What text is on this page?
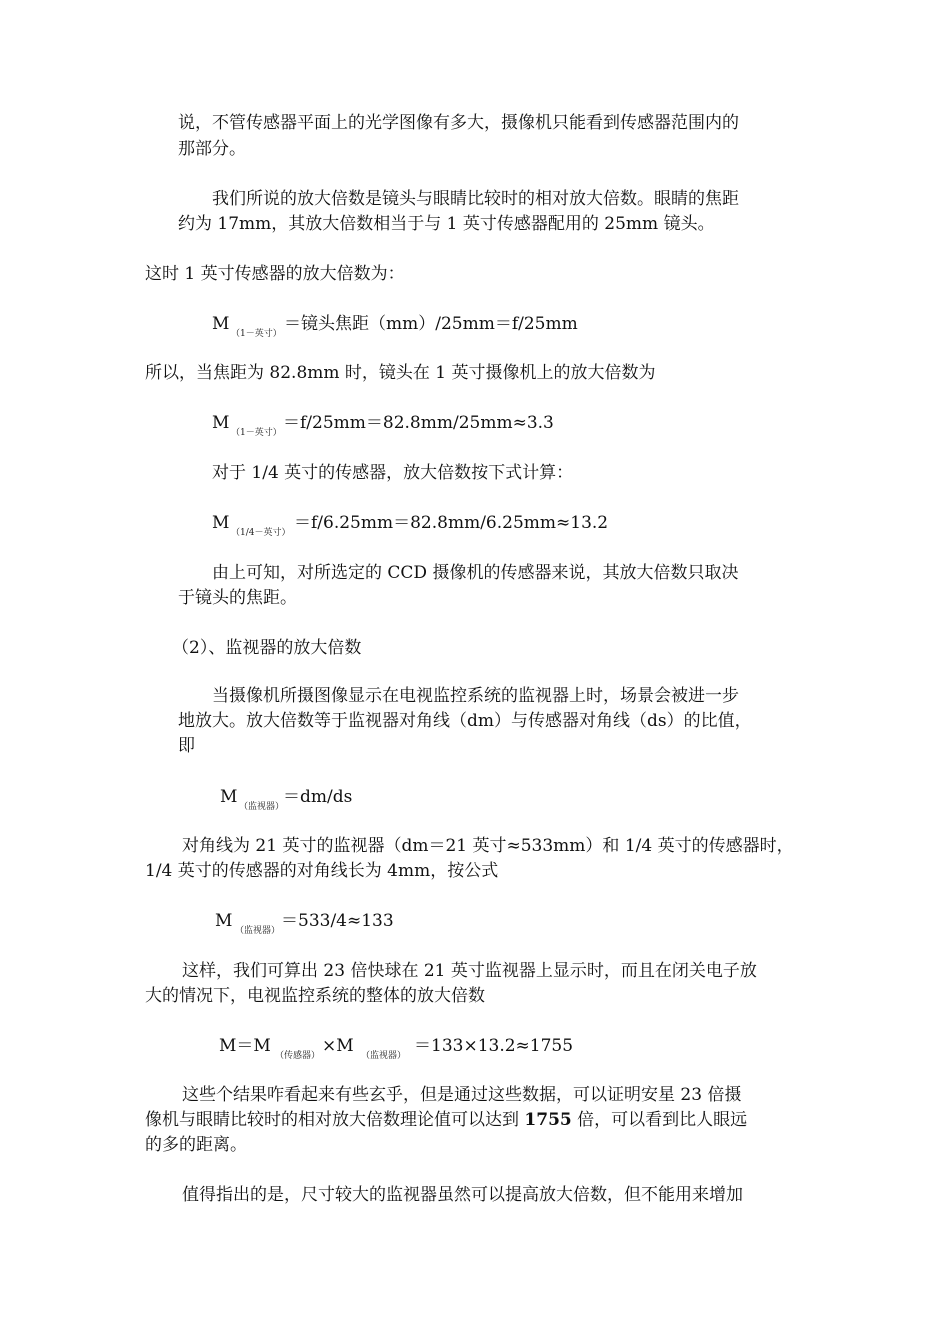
说，不管传感器平面上的光学图像有多大，摄像机只能看到传感器范围内的
那部分。
我们所说的放大倍数是镜头与眼睛比较时的相对放大倍数。眼睛的焦距
约为 17mm，其放大倍数相当于与 1 英寸传感器配用的 25mm 镜头。
这时 1 英寸传感器的放大倍数为：
M （1－英寸） ＝镜头焦距（mm）/25mm＝f/25mm
所以，当焦距为 82.8mm 时，镜头在 1 英寸摄像机上的放大倍数为
M （1－英寸） ＝f/25mm＝82.8mm/25mm≈3.3
对于 1/4 英寸的传感器，放大倍数按下式计算：
M （1/4－英寸） ＝f/6.25mm＝82.8mm/6.25mm≈13.2
由上可知，对所选定的 CCD 摄像机的传感器来说，其放大倍数只取决
于镜头的焦距。
（2）、监视器的放大倍数
当摄像机所摄图像显示在电视监控系统的监视器上时，场景会被进一步
地放大。放大倍数等于监视器对角线（dm）与传感器对角线（ds）的比值，
即
M （监视器）
＝dm/ds
对角线为 21 英寸的监视器（dm＝21 英寸≈533mm）和 1/4 英寸的传感器时，
1/4 英寸的传感器的对角线长为 4mm，按公式
M （监视器） ＝533/4≈133
这样，我们可算出 23 倍快球在 21 英寸监视器上显示时，而且在闭关电子放
大的情况下，电视监控系统的整体的放大倍数
M＝M （传感器） ×M （监视器） ＝133×13.2≈1755
这些个结果咋看起来有些玄乎，但是通过这些数据，可以证明安星 23 倍摄
像机与眼睛比较时的相对放大倍数理论值可以达到 1755 倍，可以看到比人眼远
的多的距离。
值得指出的是，尺寸较大的监视器虽然可以提高放大倍数，但不能用来增加
